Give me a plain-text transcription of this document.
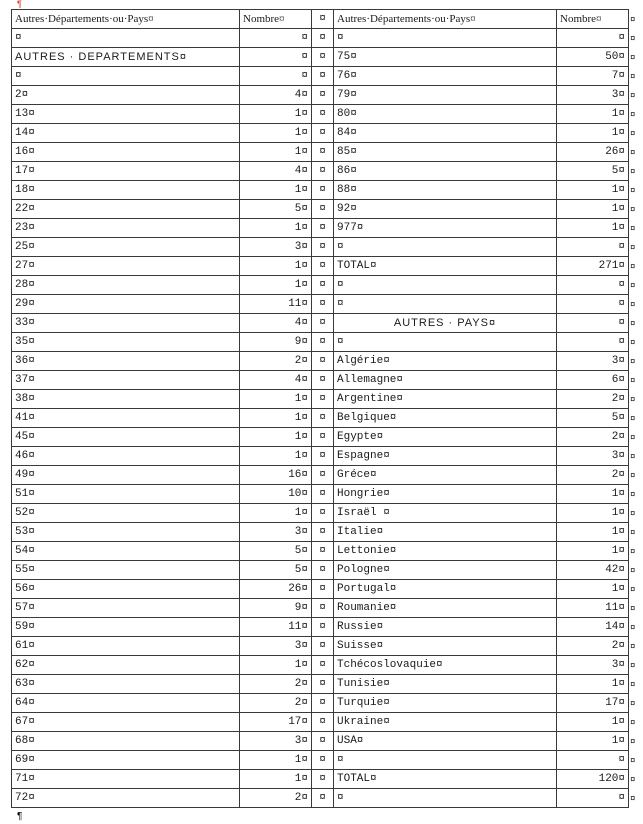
¶
Autres·Départements·ou·Pays¤	Nombre¤	¤	Autres·Départements·ou·Pays¤	Nombre¤
¤	¤	¤	¤	¤
AUTRES · DEPARTEMENTS¤	¤	¤	75¤	50¤
¤	¤	¤	76¤	7¤
2¤	4¤	¤	79¤	3¤
13¤	1¤	¤	80¤	1¤
14¤	1¤	¤	84¤	1¤
16¤	1¤	¤	85¤	26¤
17¤	4¤	¤	86¤	5¤
18¤	1¤	¤	88¤	1¤
22¤	5¤	¤	92¤	1¤
23¤	1¤	¤	977¤	1¤
25¤	3¤	¤	¤	¤
27¤	1¤	¤	TOTAL¤	271¤
28¤	1¤	¤	¤	¤
29¤	11¤	¤	¤	¤
33¤	4¤	¤	AUTRES · PAYS¤	¤
35¤	9¤	¤	¤	¤
36¤	2¤	¤	Algérie¤	3¤
37¤	4¤	¤	Allemagne¤	6¤
38¤	1¤	¤	Argentine¤	2¤
41¤	1¤	¤	Belgique¤	5¤
45¤	1¤	¤	Egypte¤	2¤
46¤	1¤	¤	Espagne¤	3¤
49¤	16¤	¤	Gréce¤	2¤
51¤	10¤	¤	Hongrie¤	1¤
52¤	1¤	¤	Israël ¤	1¤
53¤	3¤	¤	Italie¤	1¤
54¤	5¤	¤	Lettonie¤	1¤
55¤	5¤	¤	Pologne¤	42¤
56¤	26¤	¤	Portugal¤	1¤
57¤	9¤	¤	Roumanie¤	11¤
59¤	11¤	¤	Russie¤	14¤
61¤	3¤	¤	Suisse¤	2¤
62¤	1¤	¤	Tchécoslovaquie¤	3¤
63¤	2¤	¤	Tunisie¤	1¤
64¤	2¤	¤	Turquie¤	17¤
67¤	17¤	¤	Ukraine¤	1¤
68¤	3¤	¤	USA¤	1¤
69¤	1¤	¤	¤	¤
71¤	1¤	¤	TOTAL¤	120¤
72¤	2¤	¤	¤	¤
¤
¤
¤
¤
¤
¤
¤
¤
¤
¤
¤
¤
¤
¤
¤
¤
¤
¤
¤
¤
¤
¤
¤
¤
¤
¤
¤
¤
¤
¤
¤
¤
¤
¤
¤
¤
¤
¤
¤
¤
¤
¤
¶
